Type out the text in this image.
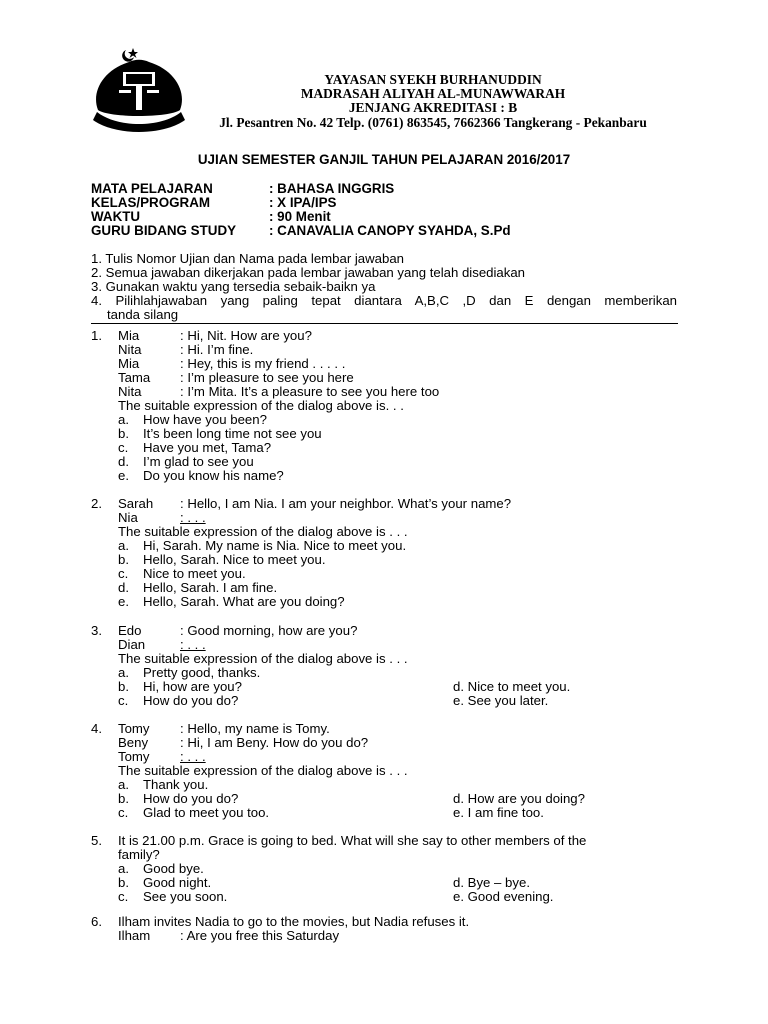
YASBU
YAYASAN SYEKH BURHANUDDIN
MADRASAH ALIYAH AL-MUNAWWARAH
JENJANG AKREDITASI : B
Jl. Pesantren No. 42 Telp. (0761) 863545, 7662366 Tangkerang - Pekanbaru
UJIAN SEMESTER GANJIL TAHUN PELAJARAN 2016/2017
MATA PELAJARAN	: BAHASA INGGRIS
KELAS/PROGRAM	: X IPA/IPS
WAKTU	: 90 Menit
GURU BIDANG STUDY : CANAVALIA CANOPY SYAHDA, S.Pd
1. Tulis Nomor Ujian dan Nama pada lembar jawaban
2. Semua jawaban dikerjakan pada lembar jawaban yang telah disediakan
3. Gunakan waktu yang tersedia sebaik-baikn ya
4. Pilihlahjawaban yang paling tepat diantara A,B,C ,D dan E dengan memberikan
tanda silang
1. Mia	: Hi, Nit. How are you?
Nita	: Hi. I’m fine.
Mia	: Hey, this is my friend . . . . .
Tama : I’m pleasure to see you here
Nita	: I’m Mita. It’s a pleasure to see you here too
The suitable expression of the dialog above is. . .
a. How have you been?
b. It’s been long time not see you
c. Have you met, Tama?
d. I’m glad to see you
e. Do you know his name?
2. Sarah : Hello, I am Nia. I am your neighbor. What’s your name?
Nia	: . . .
The suitable expression of the dialog above is . . .
a. Hi, Sarah. My name is Nia. Nice to meet you.
b. Hello, Sarah. Nice to meet you.
c. Nice to meet you.
d. Hello, Sarah. I am fine.
e. Hello, Sarah. What are you doing?
3. Edo	: Good morning, how are you?
Dian	: . . .
The suitable expression of the dialog above is . . .
a. Pretty good, thanks.
b. Hi, how are you?	d. Nice to meet you.
c. How do you do?	e. See you later.
4. Tomy : Hello, my name is Tomy.
Beny : Hi, I am Beny. How do you do?
Tomy : . . .
The suitable expression of the dialog above is . . .
a. Thank you.
b. How do you do?	d. How are you doing?
c. Glad to meet you too.	e. I am fine too.
5. It is 21.00 p.m. Grace is going to bed. What will she say to other members of the
family?
a. Good bye.
b. Good night.	d. Bye – bye.
c. See you soon.	e. Good evening.
6. Ilham invites Nadia to go to the movies, but Nadia refuses it.
Ilham : Are you free this Saturday
